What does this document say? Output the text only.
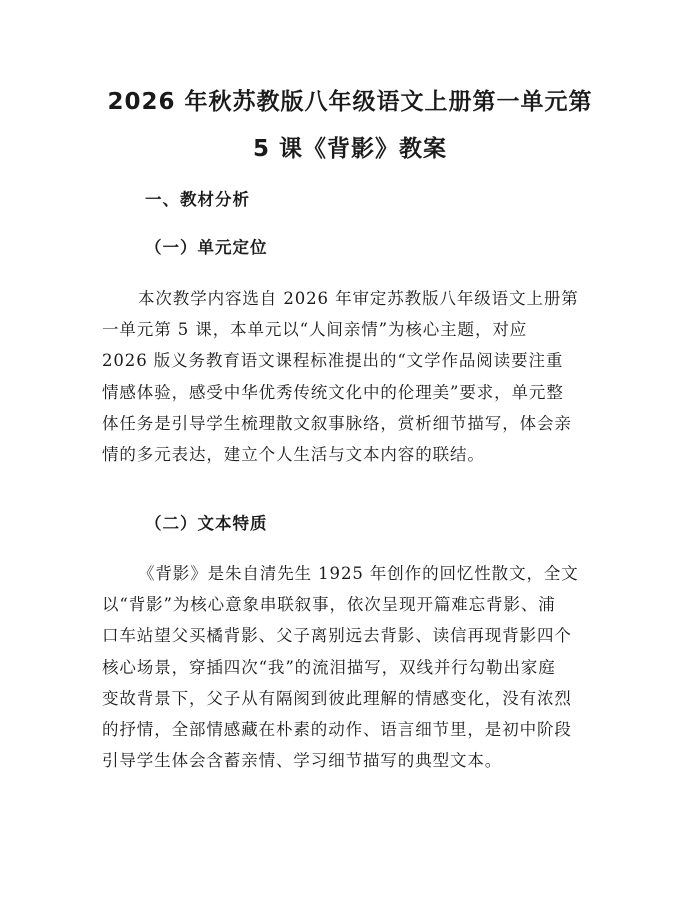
2026 年秋苏教版八年级语文上册第一单元第
5 课《背影》教案
一、教材分析
（一）单元定位
本次教学内容选自 2026 年审定苏教版八年级语文上册第
一单元第 5 课，本单元以“人间亲情”为核心主题，对应
2026 版义务教育语文课程标准提出的“文学作品阅读要注重
情感体验，感受中华优秀传统文化中的伦理美”要求，单元整
体任务是引导学生梳理散文叙事脉络，赏析细节描写，体会亲
情的多元表达，建立个人生活与文本内容的联结。
（二）文本特质
《背影》是朱自清先生 1925 年创作的回忆性散文，全文
以“背影”为核心意象串联叙事，依次呈现开篇难忘背影、浦
口车站望父买橘背影、父子离别远去背影、读信再现背影四个
核心场景，穿插四次“我”的流泪描写，双线并行勾勒出家庭
变故背景下，父子从有隔阂到彼此理解的情感变化，没有浓烈
的抒情，全部情感藏在朴素的动作、语言细节里，是初中阶段
引导学生体会含蓄亲情、学习细节描写的典型文本。
